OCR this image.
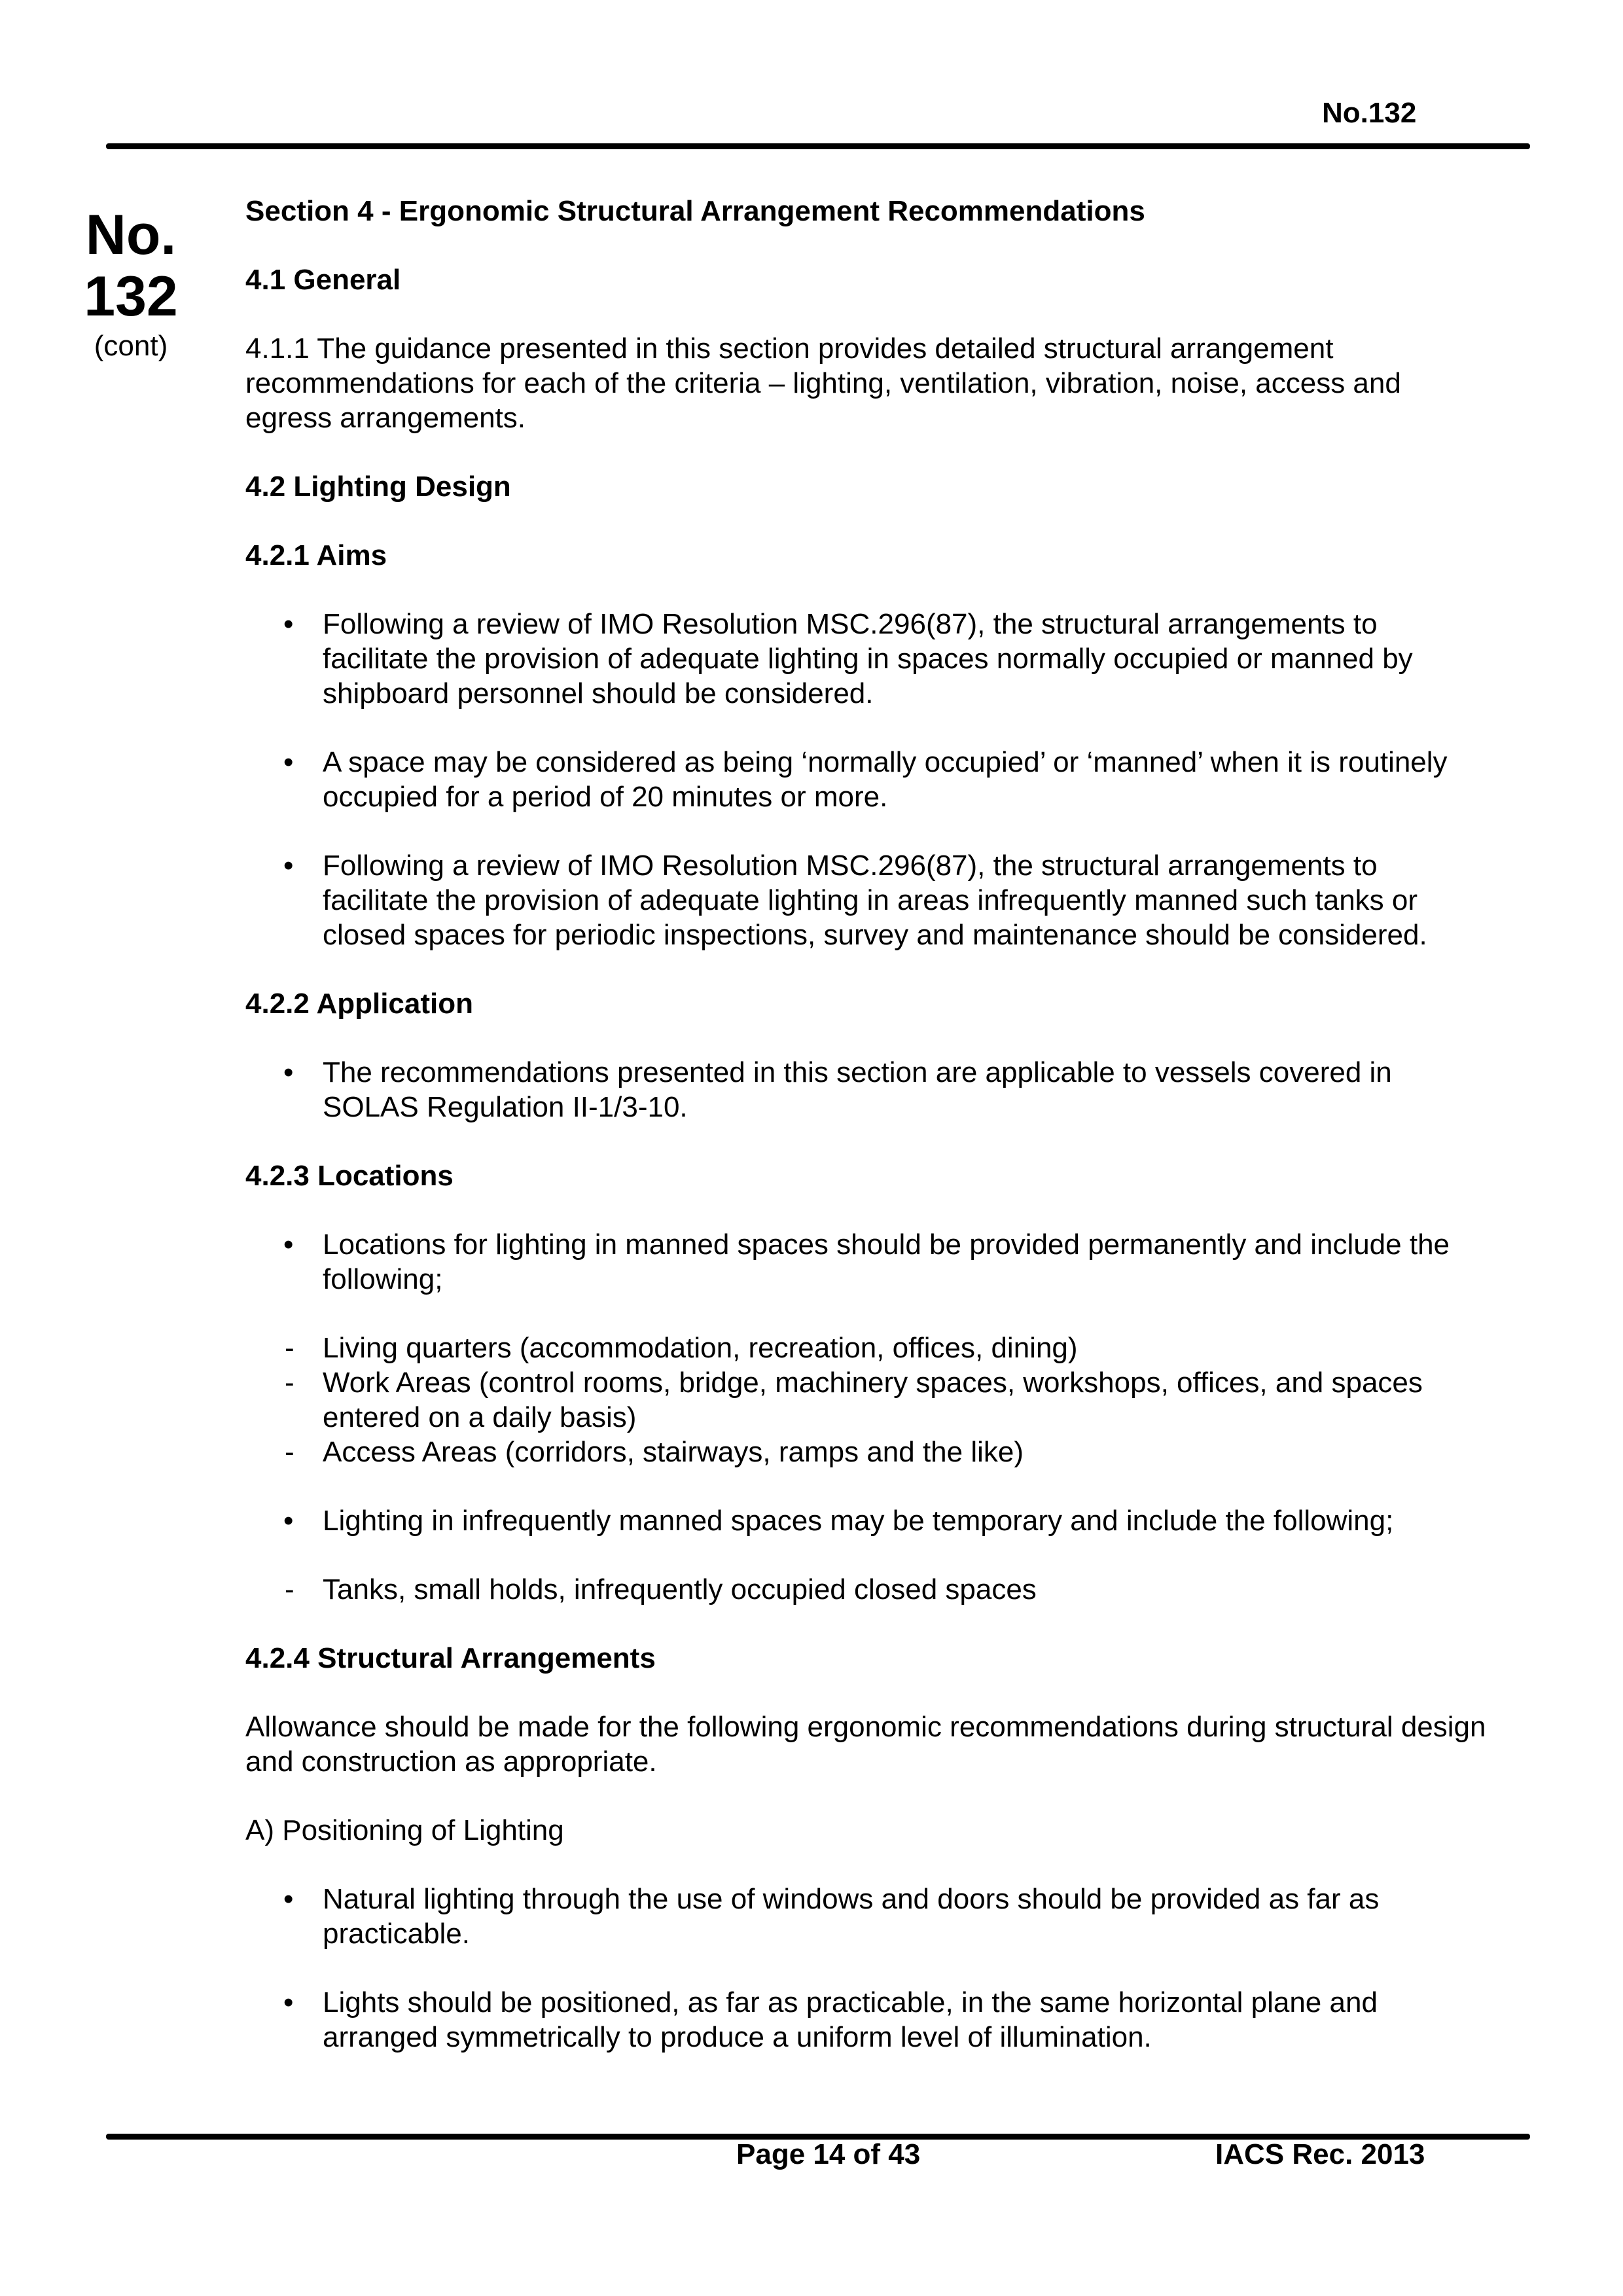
No.132
No.
132
(cont)

Section 4 - Ergonomic Structural Arrangement Recommendations

4.1 General

4.1.1 The guidance presented in this section provides detailed structural arrangement recommendations for each of the criteria – lighting, ventilation, vibration, noise, access and egress arrangements.

4.2 Lighting Design

4.2.1 Aims

• Following a review of IMO Resolution MSC.296(87), the structural arrangements to facilitate the provision of adequate lighting in spaces normally occupied or manned by shipboard personnel should be considered.
• A space may be considered as being ‘normally occupied’ or ‘manned’ when it is routinely occupied for a period of 20 minutes or more.
• Following a review of IMO Resolution MSC.296(87), the structural arrangements to facilitate the provision of adequate lighting in areas infrequently manned such tanks or closed spaces for periodic inspections, survey and maintenance should be considered.

4.2.2 Application

• The recommendations presented in this section are applicable to vessels covered in SOLAS Regulation II-1/3-10.

4.2.3 Locations

• Locations for lighting in manned spaces should be provided permanently and include the following;
- Living quarters (accommodation, recreation, offices, dining)
- Work Areas (control rooms, bridge, machinery spaces, workshops, offices, and spaces entered on a daily basis)
- Access Areas (corridors, stairways, ramps and the like)
• Lighting in infrequently manned spaces may be temporary and include the following;
- Tanks, small holds, infrequently occupied closed spaces

4.2.4 Structural Arrangements

Allowance should be made for the following ergonomic recommendations during structural design and construction as appropriate.

A) Positioning of Lighting

• Natural lighting through the use of windows and doors should be provided as far as practicable.
• Lights should be positioned, as far as practicable, in the same horizontal plane and arranged symmetrically to produce a uniform level of illumination.
Page 14 of 43	IACS Rec. 2013
